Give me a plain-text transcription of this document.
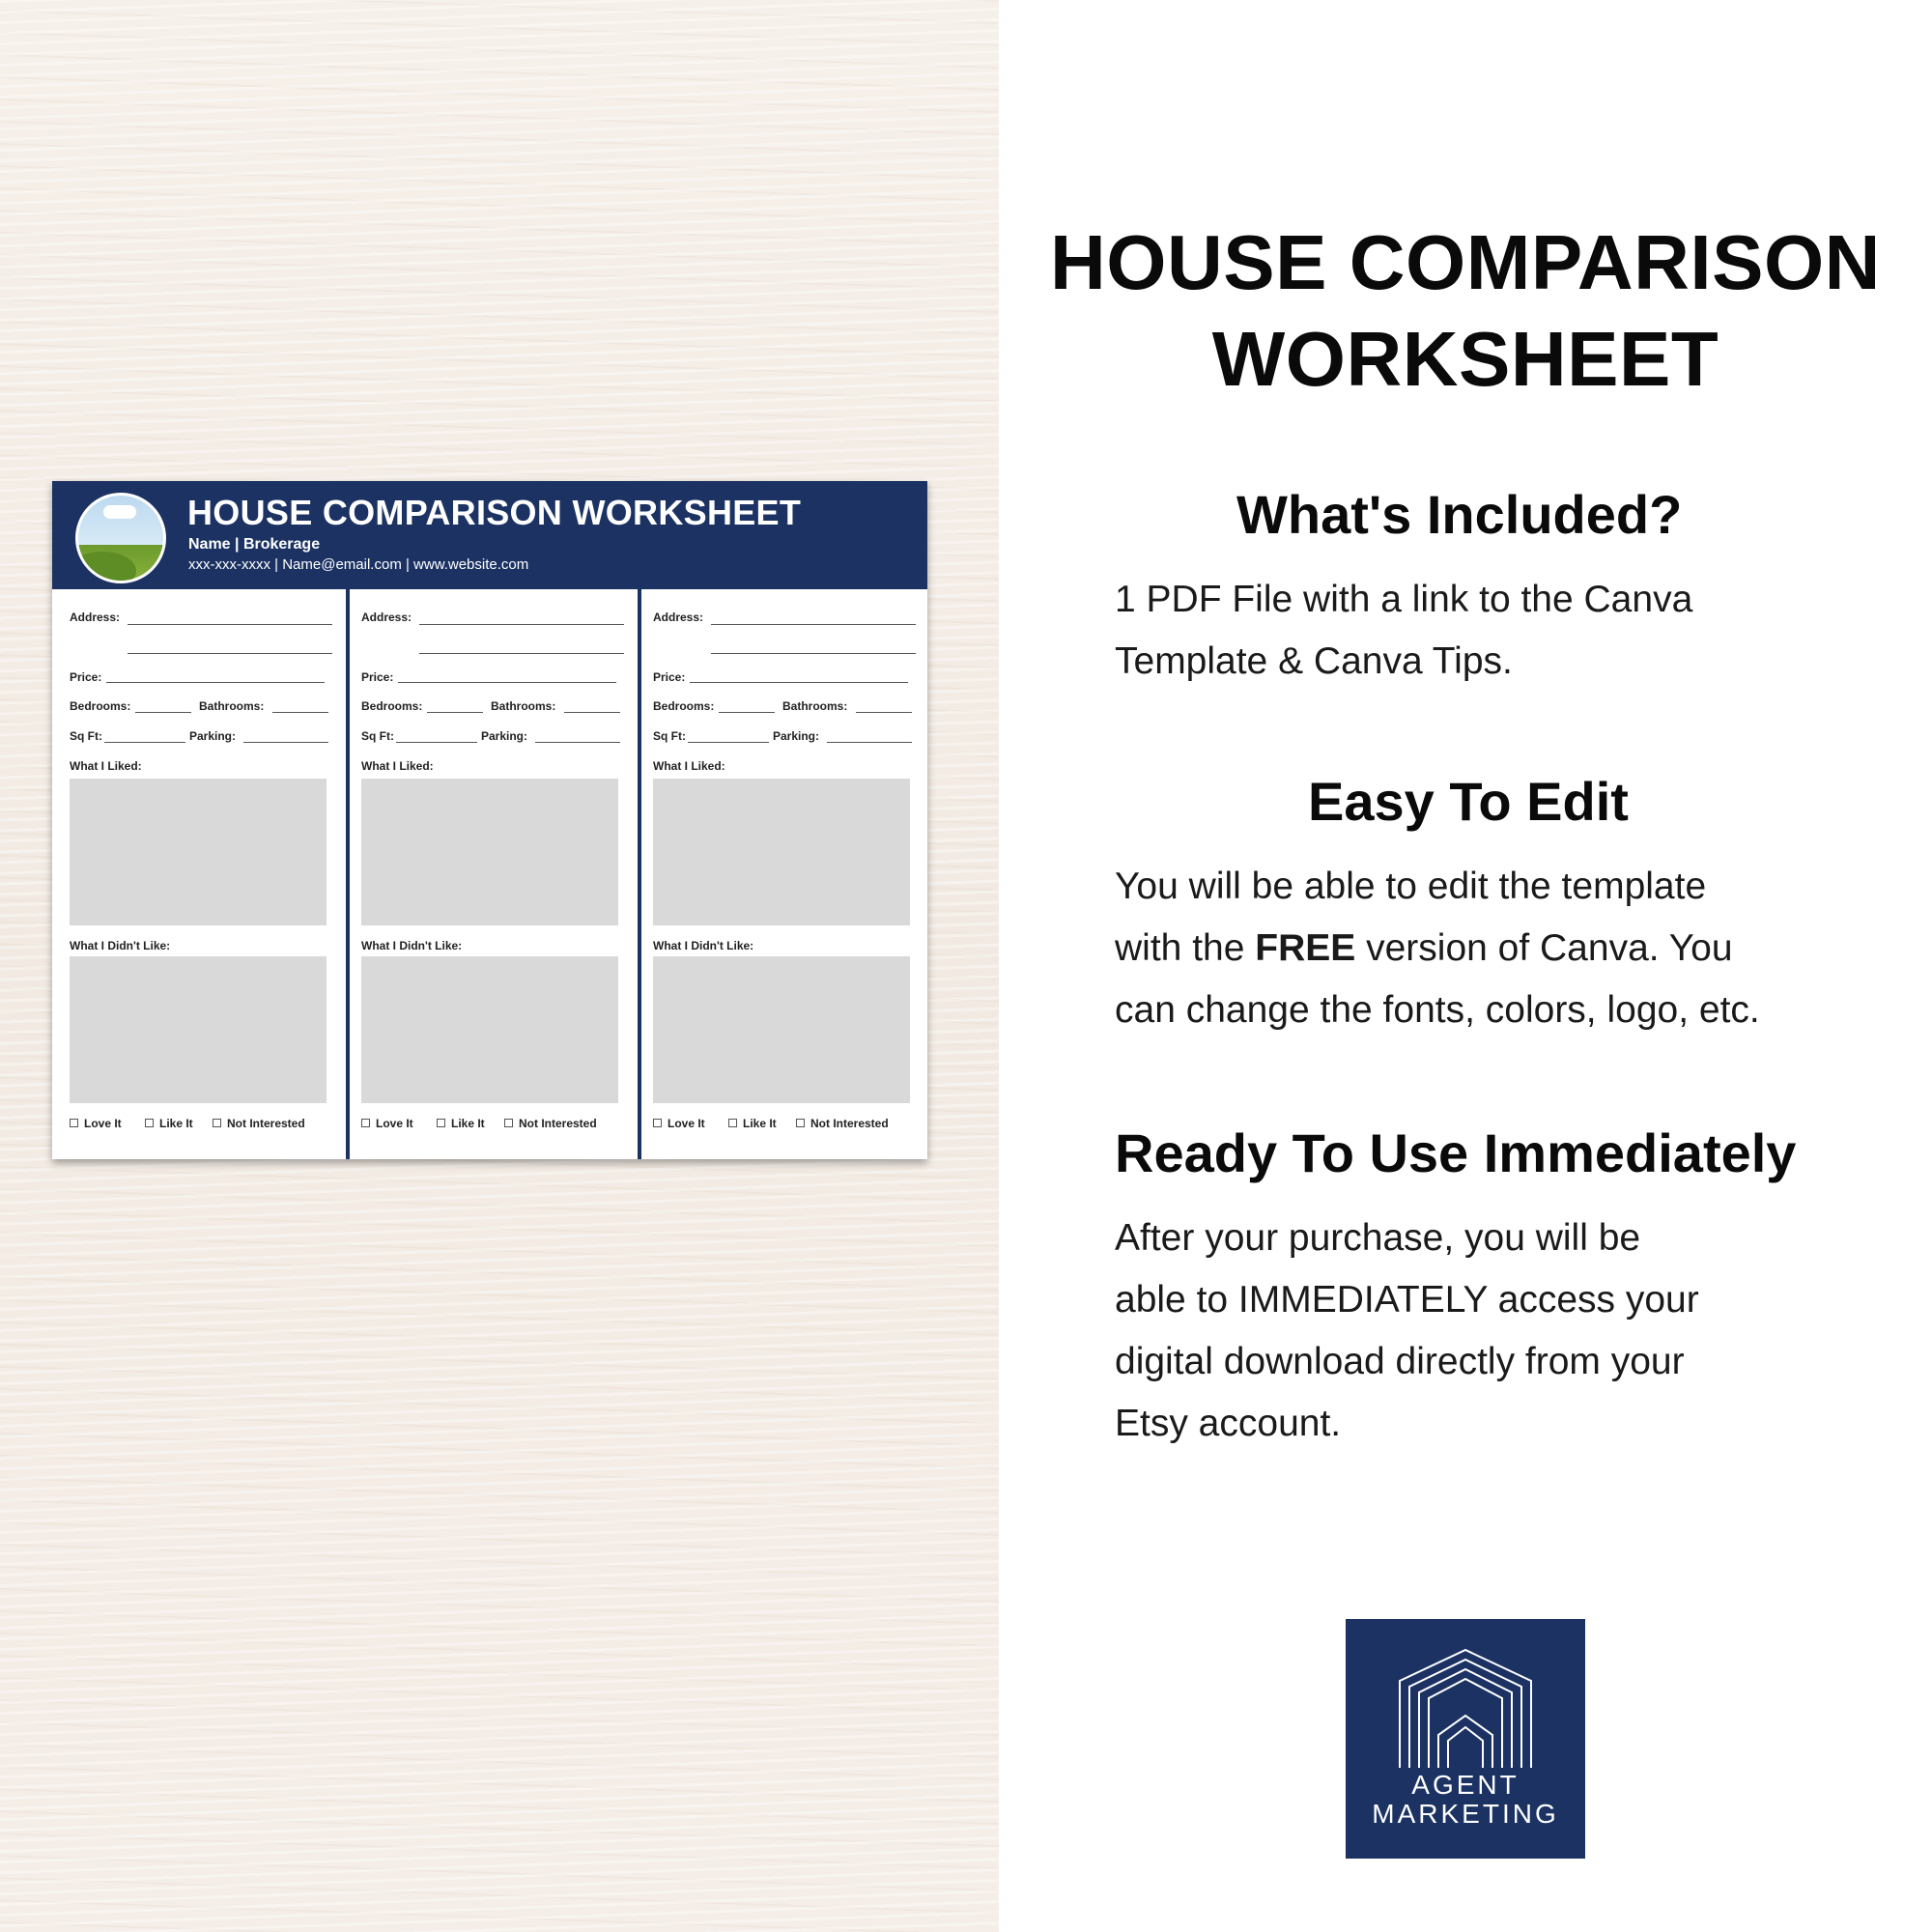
HOUSE COMPARISON WORKSHEET
Name | Brokerage
xxx-xxx-xxxx | Name@email.com | www.website.com
Address:
Price:
Bedrooms:	Bathrooms:
Sq Ft:	Parking:
What I Liked:
What I Didn't Like:
Love It	Like It	Not Interested
Address:
Price:
Bedrooms:	Bathrooms:
Sq Ft:	Parking:
What I Liked:
What I Didn't Like:
Love It	Like It	Not Interested
Address:
Price:
Bedrooms:	Bathrooms:
Sq Ft:	Parking:
What I Liked:
What I Didn't Like:
Love It	Like It	Not Interested
HOUSE COMPARISON
WORKSHEET
What's Included?
1 PDF File with a link to the Canva
Template & Canva Tips.
Easy To Edit
You will be able to edit the template
with the FREE version of Canva. You
can change the fonts, colors, logo, etc.
Ready To Use Immediately
After your purchase, you will be
able to IMMEDIATELY access your
digital download directly from your
Etsy account.
AGENT
MARKETING
